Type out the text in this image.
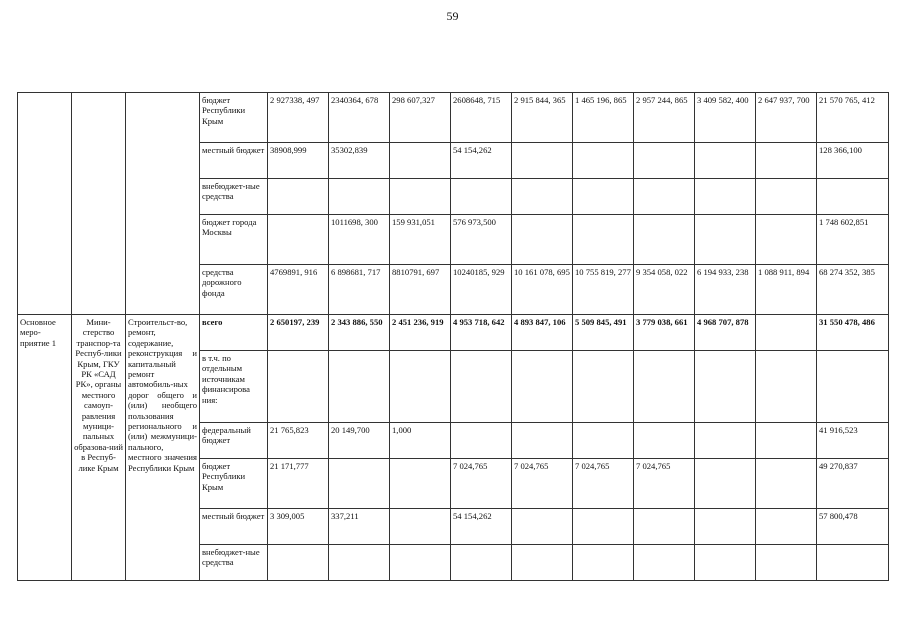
59
			бюджет Республики Крым	2 927338, 497	2340364, 678	298 607,327	2608648, 715	2 915 844, 365	1 465 196, 865	2 957 244, 865	3 409 582, 400	2 647 937, 700	21 570 765, 412
			местный бюджет	38908,999	35302,839		54 154,262						128 366,100
			внебюджет-ные средства										
			бюджет города Москвы		1011698, 300	159 931,051	576 973,500						1 748 602,851
			средства дорожного фонда	4769891, 916	6 898681, 717	8810791, 697	10240185, 929	10 161 078, 695	10 755 819, 277	9 354 058, 022	6 194 933, 238	1 088 911, 894	68 274 352, 385
Основное меро-приятие 1	Мини-стерство транспор-та Респуб-лики Крым, ГКУ РК «САД РК», органы местного самоуп-равления муници-пальных образова-ний в Респуб-лике Крым	Строительст-во, ремонт, содержание, реконструкция и капитальный ремонт автомобиль-ных дорог общего и (или) необщего пользования регионального и (или) межмуници-пального, местного значения Республики Крым	всего	2 650197, 239	2 343 886, 550	2 451 236, 919	4 953 718, 642	4 893 847, 106	5 509 845, 491	3 779 038, 661	4 968 707, 878		31 550 478, 486
			в т.ч. по отдельным источникам финансирова ния:										
			федеральный бюджет	21 765,823	20 149,700	1,000							41 916,523
			бюджет Республики Крым	21 171,777			7 024,765	7 024,765	7 024,765	7 024,765			49 270,837
			местный бюджет	3 309,005	337,211		54 154,262						57 800,478
			внебюджет-ные средства										
